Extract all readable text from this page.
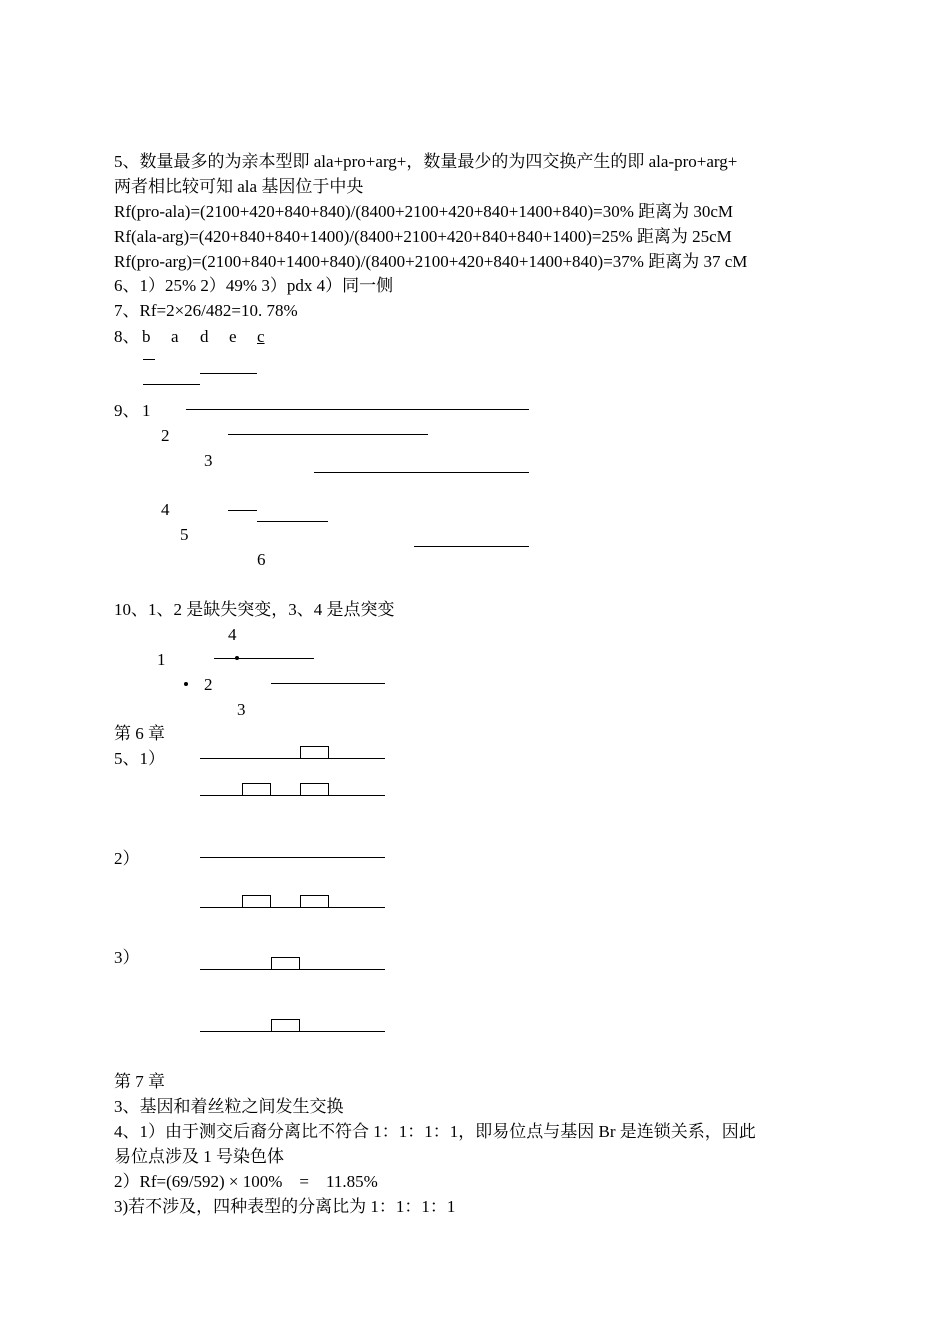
5、数量最多的为亲本型即 ala+pro+arg+，数量最少的为四交换产生的即 ala-pro+arg+
两者相比较可知 ala 基因位于中央
Rf(pro-ala)=(2100+420+840+840)/(8400+2100+420+840+1400+840)=30% 距离为 30cM
Rf(ala-arg)=(420+840+840+1400)/(8400+2100+420+840+840+1400)=25% 距离为 25cM
Rf(pro-arg)=(2100+840+1400+840)/(8400+2100+420+840+1400+840)=37% 距离为 37 cM
6、1）25% 2）49% 3）pdx 4）同一侧
7、Rf=2×26/482=10. 78%
8、 b a d e c
9、 1
2
3
4
5
6
10、1、2 是缺失突变，3、4 是点突变
4
1
2
3
第 6 章
5、1）
2）
3）
第 7 章
3、基因和着丝粒之间发生交换
4、1）由于测交后裔分离比不符合 1：1：1：1，即易位点与基因 Br 是连锁关系，因此
易位点涉及 1 号染色体
2）Rf=(69/592) × 100%    =    11.85%
3)若不涉及，四种表型的分离比为 1：1：1：1
